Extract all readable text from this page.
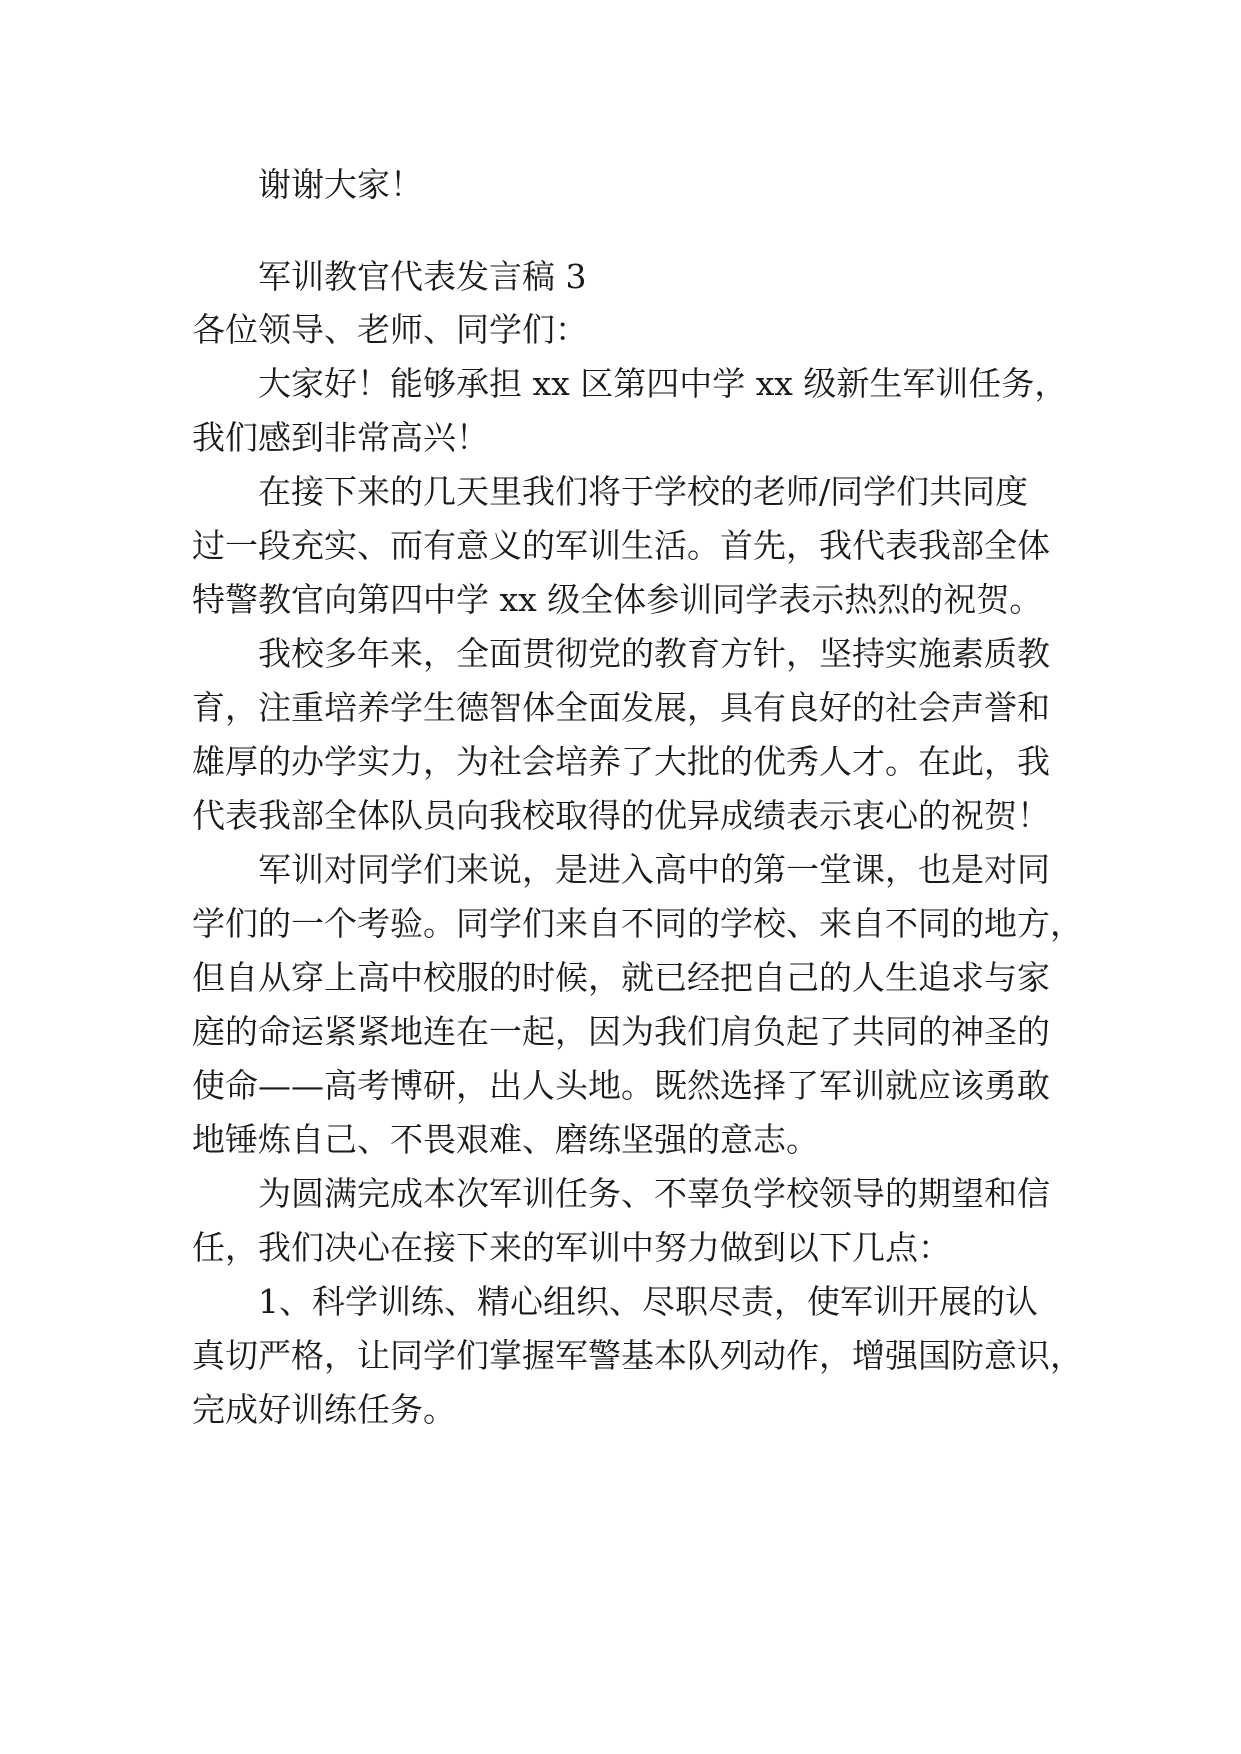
谢谢大家！
军训教官代表发言稿 3
各位领导、老师、同学们：
大家好！能够承担 xx 区第四中学 xx 级新生军训任务，
我们感到非常高兴！
在接下来的几天里我们将于学校的老师/同学们共同度
过一段充实、而有意义的军训生活。首先，我代表我部全体
特警教官向第四中学 xx 级全体参训同学表示热烈的祝贺。
我校多年来，全面贯彻党的教育方针，坚持实施素质教
育，注重培养学生德智体全面发展，具有良好的社会声誉和
雄厚的办学实力，为社会培养了大批的优秀人才。在此，我
代表我部全体队员向我校取得的优异成绩表示衷心的祝贺！
军训对同学们来说，是进入高中的第一堂课，也是对同
学们的一个考验。同学们来自不同的学校、来自不同的地方，
但自从穿上高中校服的时候，就已经把自己的人生追求与家
庭的命运紧紧地连在一起，因为我们肩负起了共同的神圣的
使命——高考博研，出人头地。既然选择了军训就应该勇敢
地锤炼自己、不畏艰难、磨练坚强的意志。
为圆满完成本次军训任务、不辜负学校领导的期望和信
任，我们决心在接下来的军训中努力做到以下几点：
1、科学训练、精心组织、尽职尽责，使军训开展的认
真切严格，让同学们掌握军警基本队列动作，增强国防意识，
完成好训练任务。
